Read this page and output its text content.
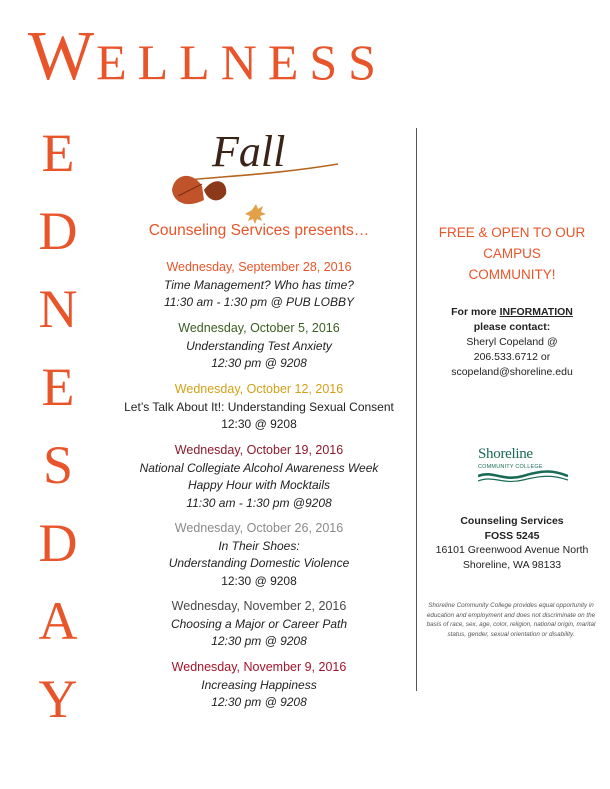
WELLNESS
E
D
N
E
S
D
A
Y
Fall
Counseling Services presents…
Wednesday, September 28, 2016
Time Management? Who has time?
11:30 am - 1:30 pm @ PUB LOBBY
Wednesday, October 5, 2016
Understanding Test Anxiety
12:30 pm @ 9208
Wednesday, October 12, 2016
Let’s Talk About It!: Understanding Sexual Consent
12:30 @ 9208
Wednesday, October 19, 2016
National Collegiate Alcohol Awareness Week
Happy Hour with Mocktails
11:30 am - 1:30 pm @9208
Wednesday, October 26, 2016
In Their Shoes:
Understanding Domestic Violence
12:30 @ 9208
Wednesday, November 2, 2016
Choosing a Major or Career Path
12:30 pm @ 9208
Wednesday, November 9, 2016
Increasing Happiness
12:30 pm @ 9208
FREE & OPEN TO OUR
CAMPUS
COMMUNITY!
For more INFORMATION
please contact:
Sheryl Copeland @
206.533.6712 or
scopeland@shoreline.edu
Shoreline
COMMUNITY COLLEGE
Counseling Services
FOSS 5245
16101 Greenwood Avenue North
Shoreline, WA 98133
Shoreline Community College provides equal opportunity in education and employment and does not discriminate on the basis of race, sex, age, color, religion, national origin, marital status, gender, sexual orientation or disability.
